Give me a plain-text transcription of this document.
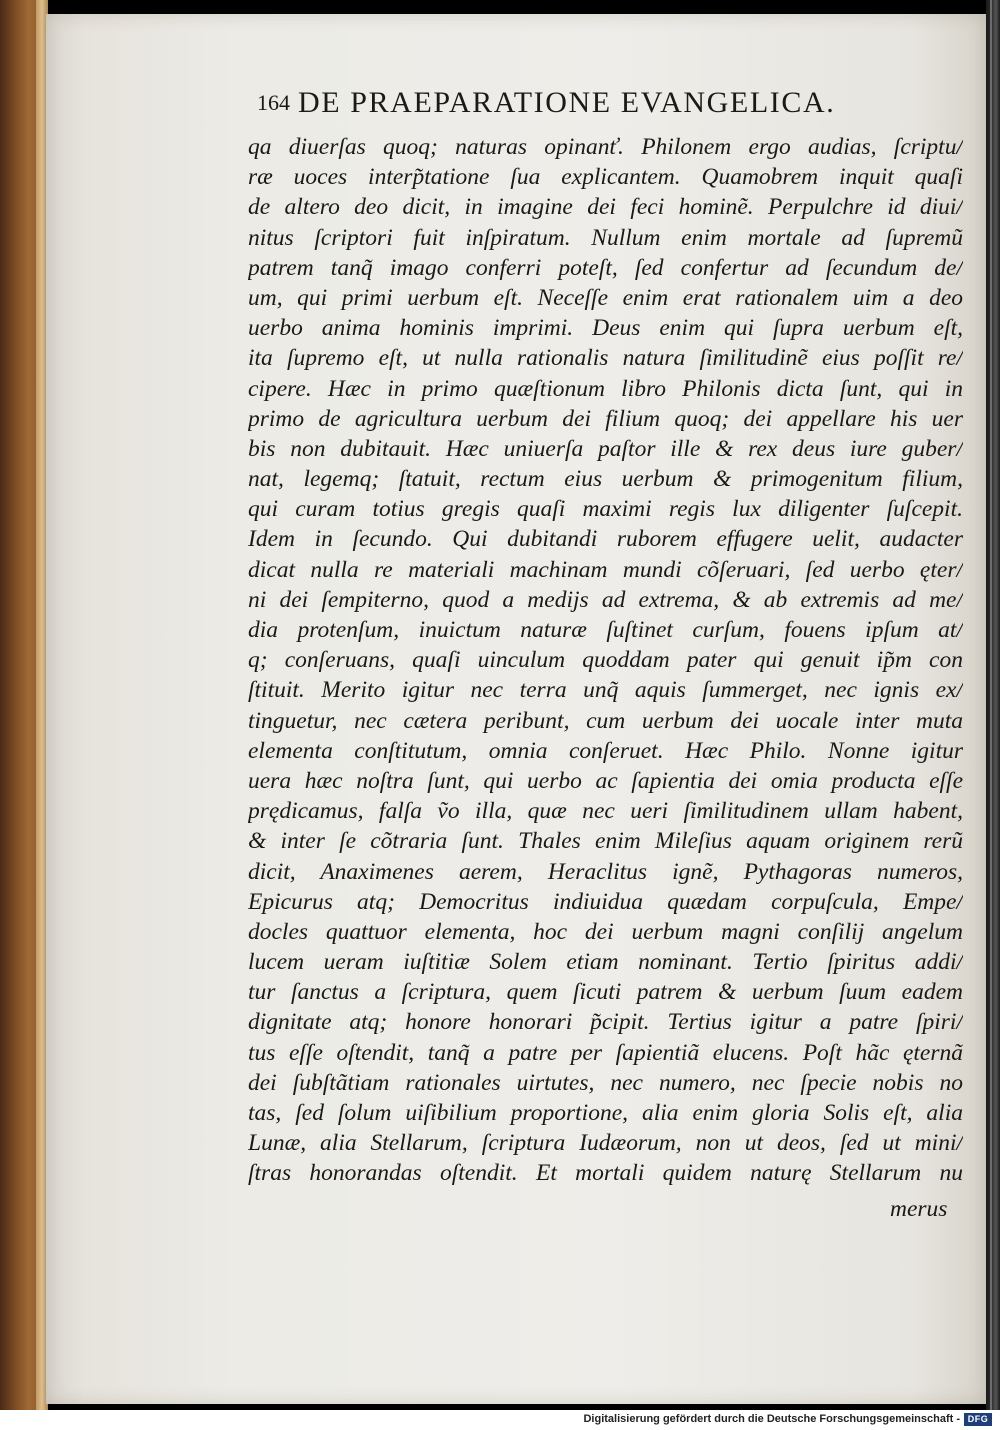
164 DE PRAEPARATIONE EVANGELICA.
qa diuerſas quoq; naturas opinanť. Philonem ergo audias, ſcriptu/
ræ uoces interp̃tatione ſua explicantem. Quamobrem inquit quaſi
de altero deo dicit, in imagine dei feci hominẽ. Perpulchre id diui/
nitus ſcriptori fuit inſpiratum. Nullum enim mortale ad ſupremũ
patrem tanq̃ imago conferri poteſt, ſed confertur ad ſecundum de/
um, qui primi uerbum eſt. Neceſſe enim erat rationalem uim a deo
uerbo anima hominis imprimi. Deus enim qui ſupra uerbum eſt,
ita ſupremo eſt, ut nulla rationalis natura ſimilitudinẽ eius poſſit re/
cipere. Hæc in primo quæſtionum libro Philonis dicta ſunt, qui in
primo de agricultura uerbum dei filium quoq; dei appellare his uer
bis non dubitauit. Hæc uniuerſa paſtor ille & rex deus iure guber/
nat, legemq; ſtatuit, rectum eius uerbum & primogenitum filium,
qui curam totius gregis quaſi maximi regis lux diligenter ſuſcepit.
Idem in ſecundo. Qui dubitandi ruborem effugere uelit, audacter
dicat nulla re materiali machinam mundi cõſeruari, ſed uerbo ęter/
ni dei ſempiterno, quod a medijs ad extrema, & ab extremis ad me/
dia protenſum, inuictum naturæ ſuſtinet curſum, fouens ipſum at/
q; conſeruans, quaſi uinculum quoddam pater qui genuit ip̃m con
ſtituit. Merito igitur nec terra unq̃ aquis ſummerget, nec ignis ex/
tinguetur, nec cætera peribunt, cum uerbum dei uocale inter muta
elementa conſtitutum, omnia conſeruet. Hæc Philo. Nonne igitur
uera hæc noſtra ſunt, qui uerbo ac ſapientia dei omia producta eſſe
prędicamus, falſa ṽo illa, quæ nec ueri ſimilitudinem ullam habent,
& inter ſe cõtraria ſunt. Thales enim Mileſius aquam originem rerũ
dicit, Anaximenes aerem, Heraclitus ignẽ, Pythagoras numeros,
Epicurus atq; Democritus indiuidua quædam corpuſcula, Empe/
docles quattuor elementa, hoc dei uerbum magni conſilij angelum
lucem ueram iuſtitiæ Solem etiam nominant. Tertio ſpiritus addi/
tur ſanctus a ſcriptura, quem ſicuti patrem & uerbum ſuum eadem
dignitate atq; honore honorari p̃cipit. Tertius igitur a patre ſpiri/
tus eſſe oſtendit, tanq̃ a patre per ſapientiã elucens. Poſt hãc ęternã
dei ſubſtãtiam rationales uirtutes, nec numero, nec ſpecie nobis no
tas, ſed ſolum uiſibilium proportione, alia enim gloria Solis eſt, alia
Lunæ, alia Stellarum, ſcriptura Iudæorum, non ut deos, ſed ut mini/
ſtras honorandas oſtendit. Et mortali quidem naturę Stellarum nu
merus
Digitalisierung gefördert durch die Deutsche Forschungsgemeinschaft - DFG
